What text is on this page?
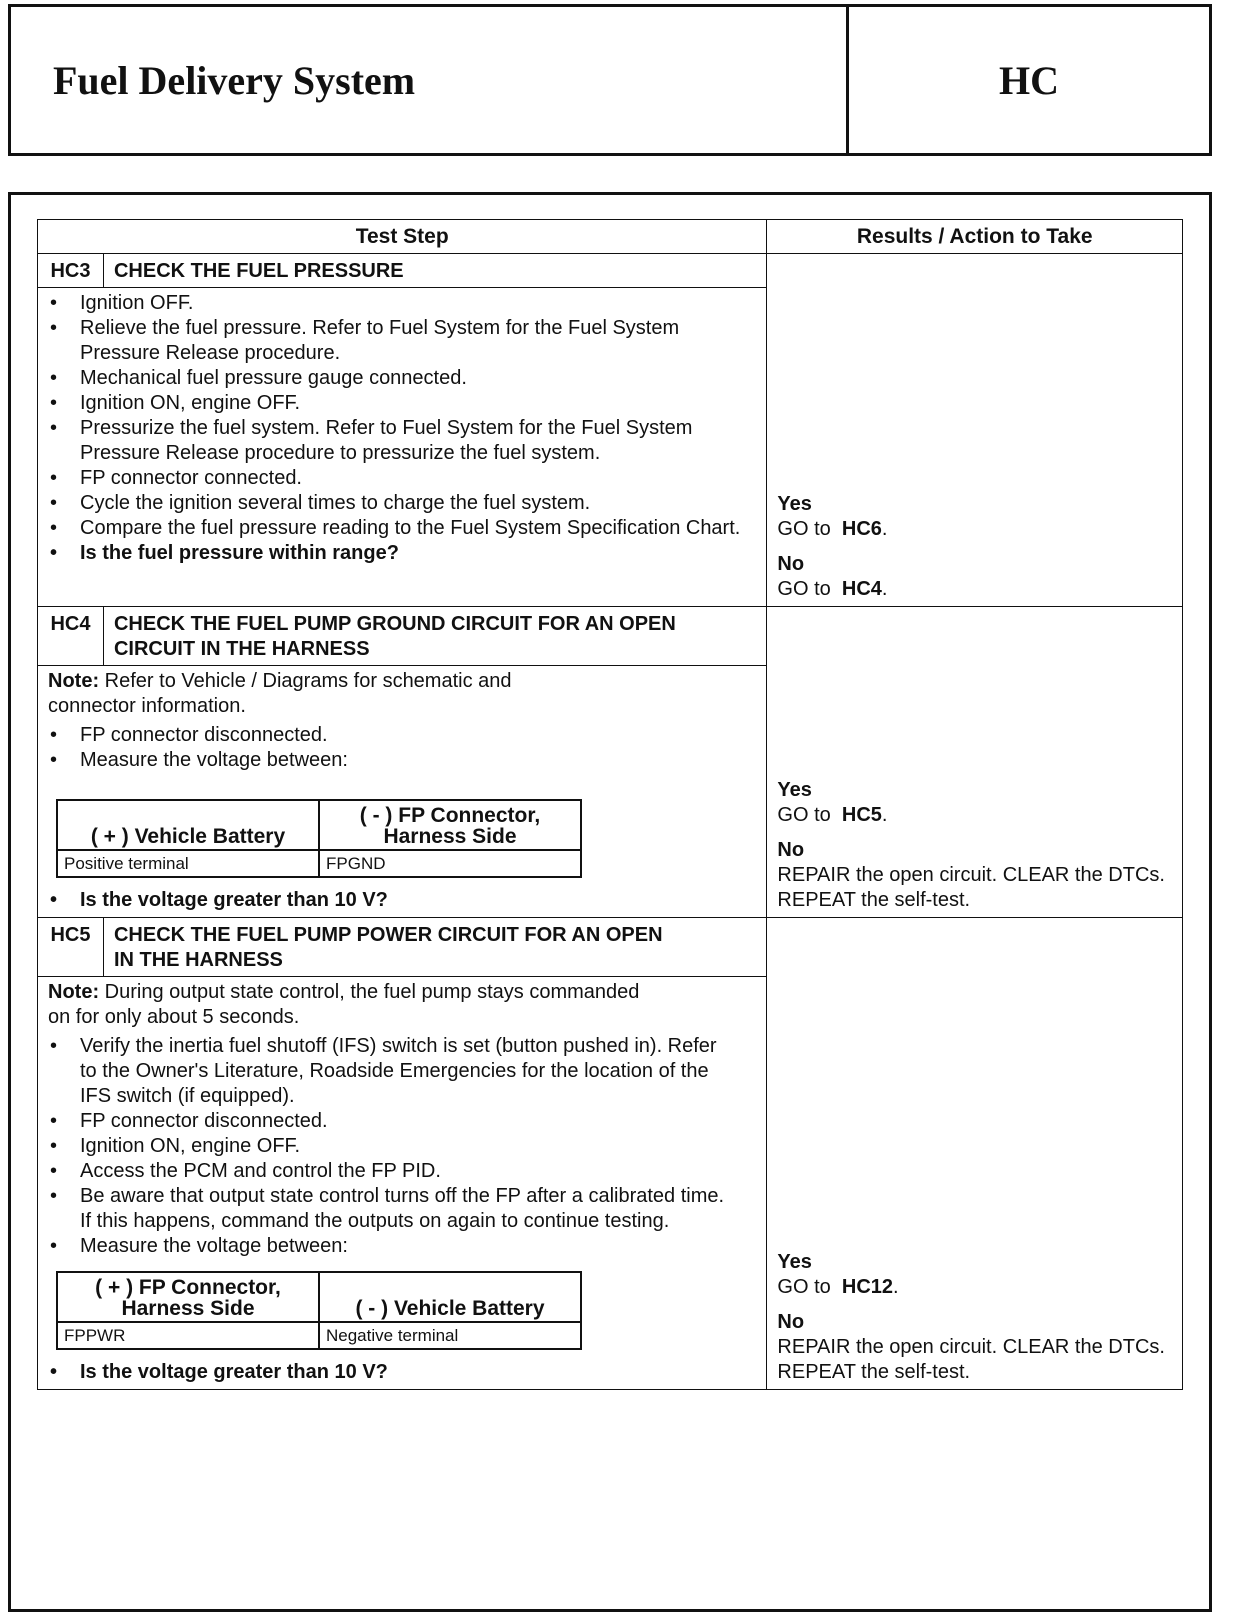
Fuel Delivery System	HC
Test Step	Results / Action to Take
HC3	CHECK THE FUEL PRESSURE	
Yes
GO to HC6.
No
GO to HC4.

• Ignition OFF.
• Relieve the fuel pressure. Refer to Fuel System for the Fuel System Pressure Release procedure.
• Mechanical fuel pressure gauge connected.
• Ignition ON, engine OFF.
• Pressurize the fuel system. Refer to Fuel System for the Fuel System Pressure Release procedure to pressurize the fuel system.
• FP connector connected.
• Cycle the ignition several times to charge the fuel system.
• Compare the fuel pressure reading to the Fuel System Specification Chart.
• Is the fuel pressure within range?

HC4	CHECK THE FUEL PUMP GROUND CIRCUIT FOR AN OPEN CIRCUIT IN THE HARNESS	
Yes
GO to HC5.
No
REPAIR the open circuit. CLEAR the DTCs. REPEAT the self-test.

Note: Refer to Vehicle / Diagrams for schematic and connector information.
• FP connector disconnected.
• Measure the voltage between:
( + ) Vehicle Battery	( - ) FP Connector, Harness Side
Positive terminal	FPGND
• Is the voltage greater than 10 V?

HC5	CHECK THE FUEL PUMP POWER CIRCUIT FOR AN OPEN IN THE HARNESS	
Yes
GO to HC12.
No
REPAIR the open circuit. CLEAR the DTCs. REPEAT the self-test.

Note: During output state control, the fuel pump stays commanded on for only about 5 seconds.
• Verify the inertia fuel shutoff (IFS) switch is set (button pushed in). Refer to the Owner's Literature, Roadside Emergencies for the location of the IFS switch (if equipped).
• FP connector disconnected.
• Ignition ON, engine OFF.
• Access the PCM and control the FP PID.
• Be aware that output state control turns off the FP after a calibrated time. If this happens, command the outputs on again to continue testing.
• Measure the voltage between:
( + ) FP Connector, Harness Side	( - ) Vehicle Battery
FPPWR	Negative terminal
• Is the voltage greater than 10 V?
